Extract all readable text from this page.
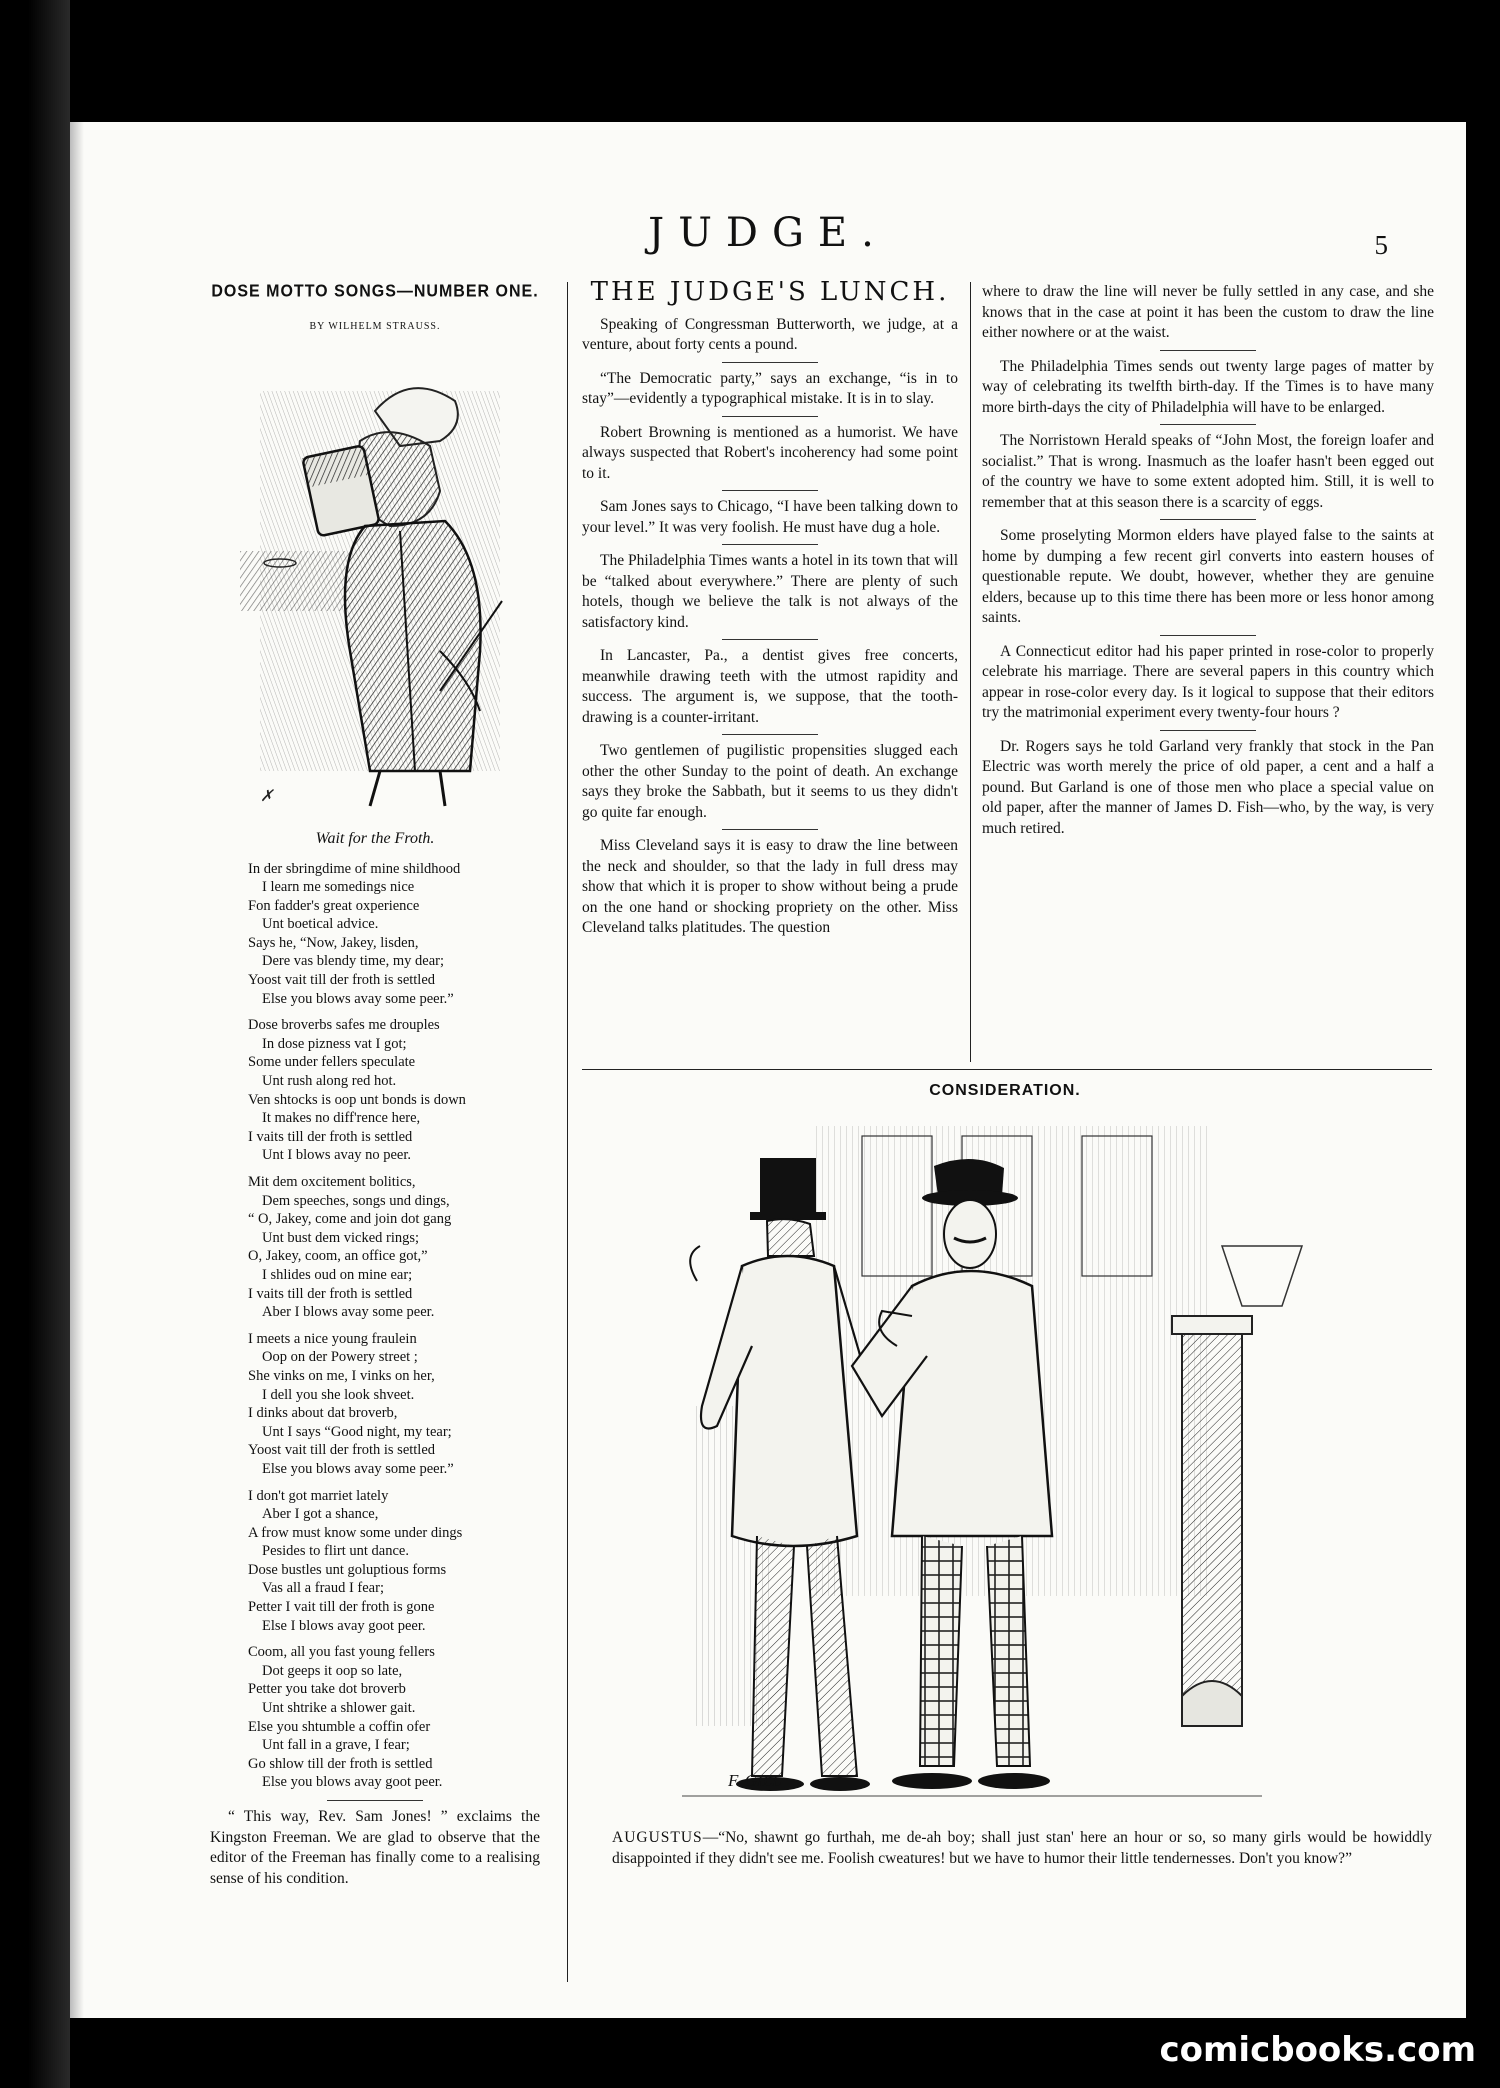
JUDGE.	5
DOSE MOTTO SONGS—NUMBER ONE.
BY WILHELM STRAUSS.
✗
Wait for the Froth.

In der sbringdime of mine shildhood

I learn me somedings nice

Fon fadder's great oxperience

Unt boetical advice.

Says he, “Now, Jakey, lisden,

Dere vas blendy time, my dear;

Yoost vait till der froth is settled

Else you blows avay some peer.”

Dose broverbs safes me drouples

In dose pizness vat I got;

Some under fellers speculate

Unt rush along red hot.

Ven shtocks is oop unt bonds is down

It makes no diff'rence here,

I vaits till der froth is settled

Unt I blows avay no peer.

Mit dem oxcitement bolitics,

Dem speeches, songs und dings,

“ O, Jakey, come and join dot gang

Unt bust dem vicked rings;

O, Jakey, coom, an office got,”

I shlides oud on mine ear;

I vaits till der froth is settled

Aber I blows avay some peer.

I meets a nice young fraulein

Oop on der Powery street ;

She vinks on me, I vinks on her,

I dell you she look shveet.

I dinks about dat broverb,

Unt I says “Good night, my tear;

Yoost vait till der froth is settled

Else you blows avay some peer.”

I don't got marriet lately

Aber I got a shance,

A frow must know some under dings

Pesides to flirt unt dance.

Dose bustles unt goluptious forms

Vas all a fraud I fear;

Petter I vait till der froth is gone

Else I blows avay goot peer.

Coom, all you fast young fellers

Dot geeps it oop so late,

Petter you take dot broverb

Unt shtrike a shlower gait.

Else you shtumble a coffin ofer

Unt fall in a grave, I fear;

Go shlow till der froth is settled

Else you blows avay goot peer.

“ This way, Rev. Sam Jones! ” exclaims the Kingston Freeman. We are glad to observe that the editor of the Freeman has finally come to a realising sense of his condition.
THE JUDGE'S LUNCH.
Speaking of Congressman Butterworth, we judge, at a venture, about forty cents a pound.
“The Democratic party,” says an exchange, “is in to stay”—evidently a typographical mistake. It is in to slay.
Robert Browning is mentioned as a humorist. We have always suspected that Robert's incoherency had some point to it.
Sam Jones says to Chicago, “I have been talking down to your level.” It was very foolish. He must have dug a hole.
The Philadelphia Times wants a hotel in its town that will be “talked about everywhere.” There are plenty of such hotels, though we believe the talk is not always of the satisfactory kind.
In Lancaster, Pa., a dentist gives free concerts, meanwhile drawing teeth with the utmost rapidity and success. The argument is, we suppose, that the tooth-drawing is a counter-irritant.
Two gentlemen of pugilistic propensities slugged each other the other Sunday to the point of death. An exchange says they broke the Sabbath, but it seems to us they didn't go quite far enough.
Miss Cleveland says it is easy to draw the line between the neck and shoulder, so that the lady in full dress may show that which it is proper to show without being a prude on the one hand or shocking propriety on the other. Miss Cleveland talks platitudes. The question
where to draw the line will never be fully settled in any case, and she knows that in the case at point it has been the custom to draw the line either nowhere or at the waist.
The Philadelphia Times sends out twenty large pages of matter by way of celebrating its twelfth birth-day. If the Times is to have many more birth-days the city of Philadelphia will have to be enlarged.
The Norristown Herald speaks of “John Most, the foreign loafer and socialist.” That is wrong. Inasmuch as the loafer hasn't been egged out of the country we have to some extent adopted him. Still, it is well to remember that at this season there is a scarcity of eggs.
Some proselyting Mormon elders have played false to the saints at home by dumping a few recent girl converts into eastern houses of questionable repute. We doubt, however, whether they are genuine elders, because up to this time there has been more or less honor among saints.
A Connecticut editor had his paper printed in rose-color to properly celebrate his marriage. There are several papers in this country which appear in rose-color every day. Is it logical to suppose that their editors try the matrimonial experiment every twenty-four hours ?
Dr. Rogers says he told Garland very frankly that stock in the Pan Electric was worth merely the price of old paper, a cent and a half a pound. But Garland is one of those men who place a special value on old paper, after the manner of James D. Fish—who, by the way, is very much retired.
CONSIDERATION.
F. GILL
AUGUSTUS—“No, shawnt go furthah, me de-ah boy; shall just stan' here an hour or so, so many girls would be howiddly disappointed if they didn't see me. Foolish cweatures! but we have to humor their little tendernesses. Don't you know?”
comicbooks.com
